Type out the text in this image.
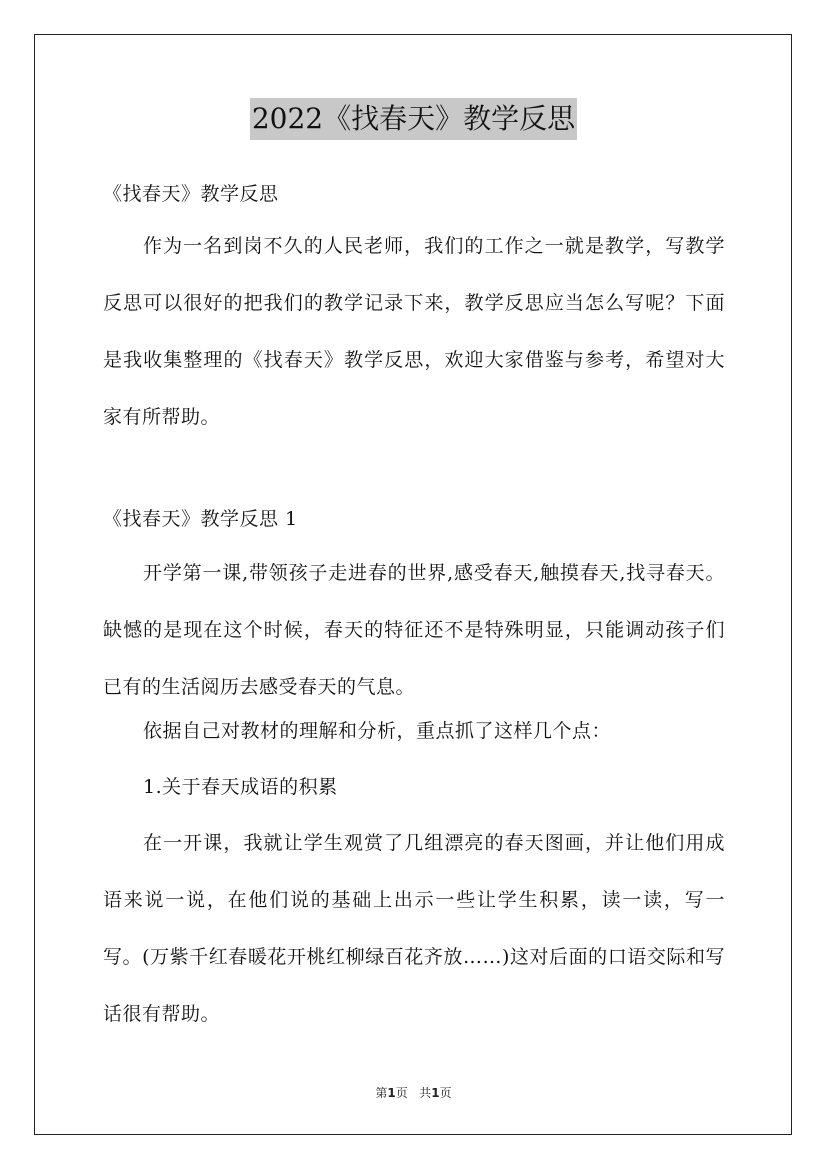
2022《找春天》教学反思

《找春天》教学反思

作为一名到岗不久的人民老师，我们的工作之一就是教学，写教学反思可以很好的把我们的教学记录下来，教学反思应当怎么写呢？下面是我收集整理的《找春天》教学反思，欢迎大家借鉴与参考，希望对大家有所帮助。

《找春天》教学反思 1

开学第一课,带领孩子走进春的世界,感受春天,触摸春天,找寻春天。缺憾的是现在这个时候，春天的特征还不是特殊明显，只能调动孩子们已有的生活阅历去感受春天的气息。

依据自己对教材的理解和分析，重点抓了这样几个点：

1.关于春天成语的积累

在一开课，我就让学生观赏了几组漂亮的春天图画，并让他们用成语来说一说，在他们说的基础上出示一些让学生积累，读一读，写一写。(万紫千红春暖花开桃红柳绿百花齐放……)这对后面的口语交际和写话很有帮助。

第1页 共1页
